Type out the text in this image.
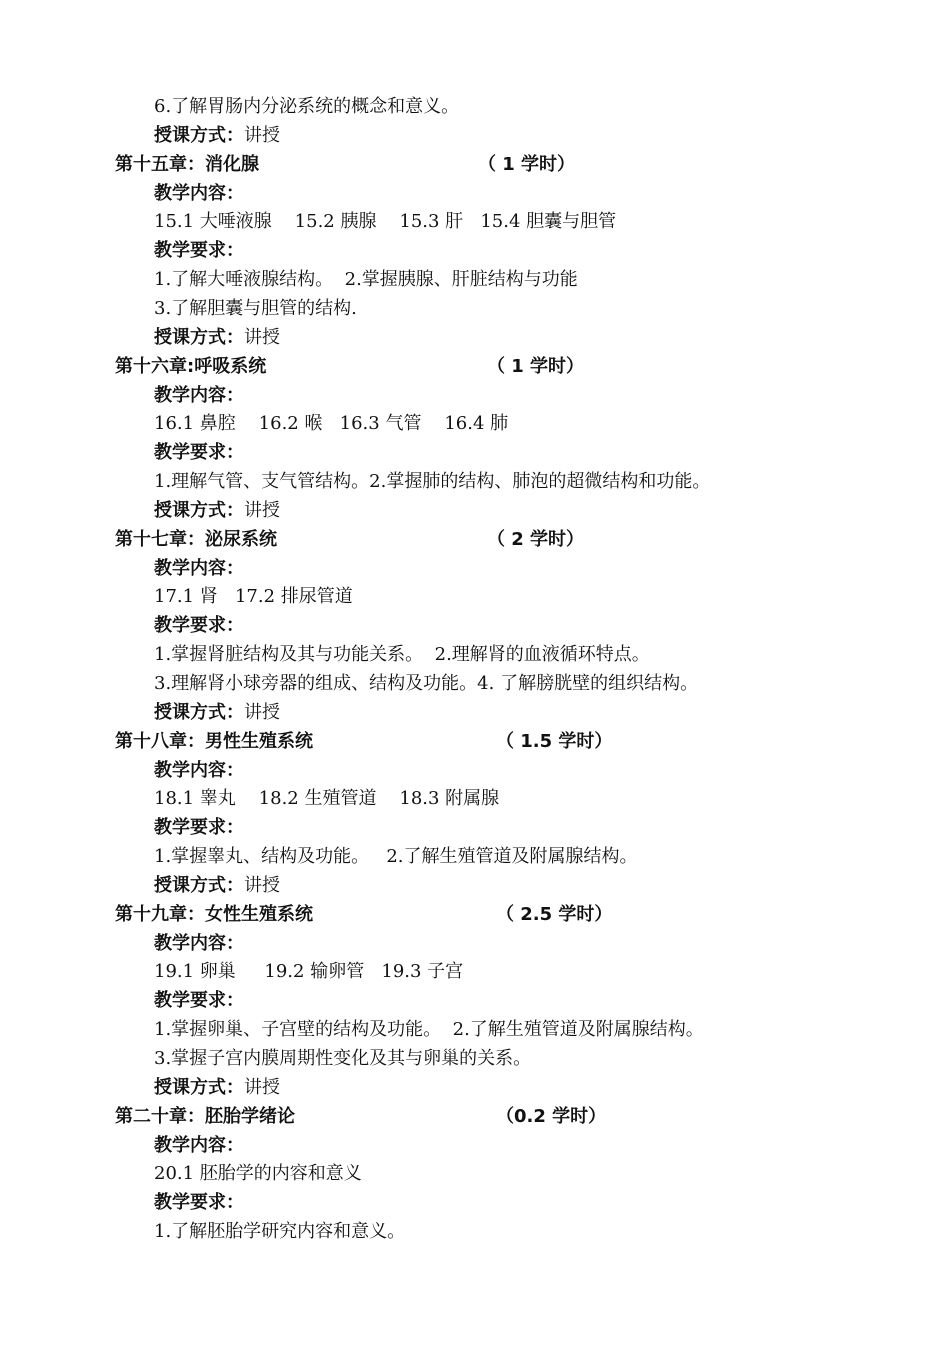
6.了解胃肠内分泌系统的概念和意义。
授课方式：讲授
第十五章：消化腺	（ 1 学时）
教学内容：
15.1 大唾液腺    15.2 胰腺    15.3 肝   15.4 胆囊与胆管
教学要求：
1.了解大唾液腺结构。  2.掌握胰腺、肝脏结构与功能
3.了解胆囊与胆管的结构.
授课方式：讲授
第十六章:呼吸系统	（ 1 学时）
教学内容：
16.1 鼻腔    16.2 喉   16.3 气管    16.4 肺
教学要求：
1.理解气管、支气管结构。2.掌握肺的结构、肺泡的超微结构和功能。
授课方式：讲授
第十七章：泌尿系统	（ 2 学时）
教学内容：
17.1 肾   17.2 排尿管道
教学要求：
1.掌握肾脏结构及其与功能关系。  2.理解肾的血液循环特点。
3.理解肾小球旁器的组成、结构及功能。4. 了解膀胱壁的组织结构。
授课方式：讲授
第十八章：男性生殖系统	（ 1.5 学时）
教学内容：
18.1 睾丸    18.2 生殖管道    18.3 附属腺
教学要求：
1.掌握睾丸、结构及功能。   2.了解生殖管道及附属腺结构。
授课方式：讲授
第十九章：女性生殖系统	（ 2.5 学时）
教学内容：
19.1 卵巢     19.2 输卵管   19.3 子宫
教学要求：
1.掌握卵巢、子宫壁的结构及功能。  2.了解生殖管道及附属腺结构。
3.掌握子宫内膜周期性变化及其与卵巢的关系。
授课方式：讲授
第二十章：胚胎学绪论	（0.2 学时）
教学内容：
20.1 胚胎学的内容和意义
教学要求：
1.了解胚胎学研究内容和意义。
